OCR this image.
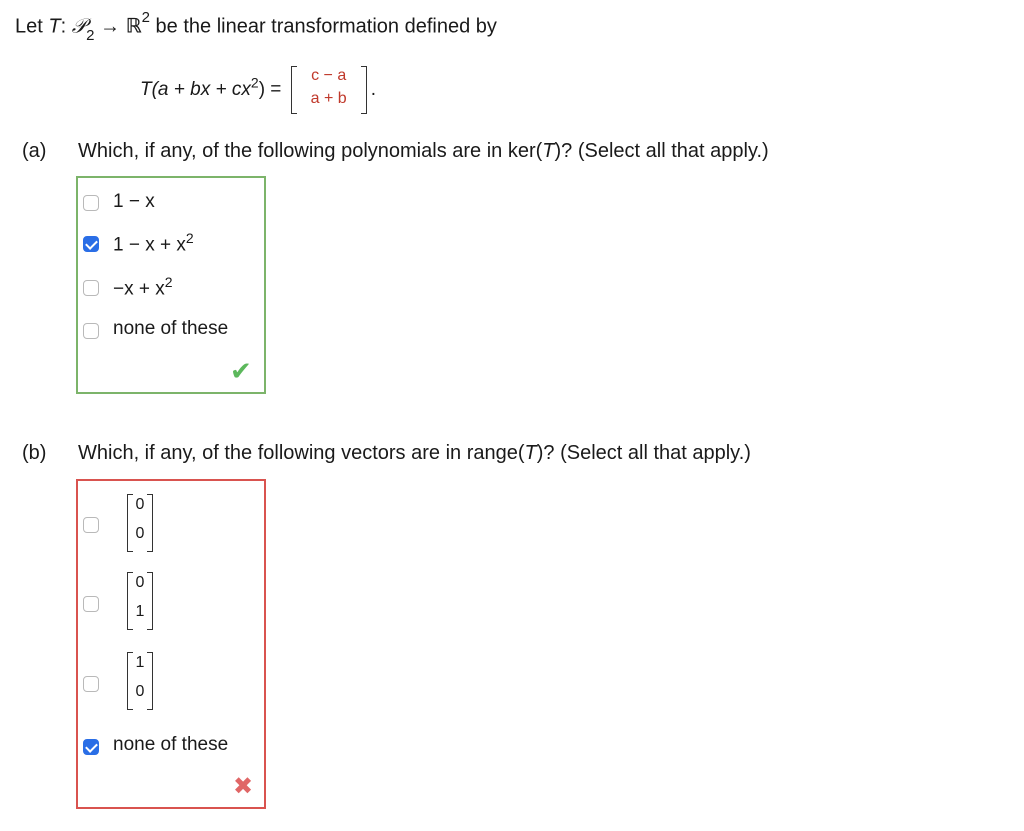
Let T: 𝒫$_2$ → ℝ$^2$ be the linear transformation defined by
T(a + bx + $cx^2$) =
c − a
a + b	.
(a) Which, if any, of the following polynomials are in ker(T)? (Select all that apply.)
1 − x
$1 - x + x^2$
$-x + x^2$
none of these
✔
(b) Which, if any, of the following vectors are in range(T)? (Select all that apply.)
0
0
0
1
1
0
none of these
✖
